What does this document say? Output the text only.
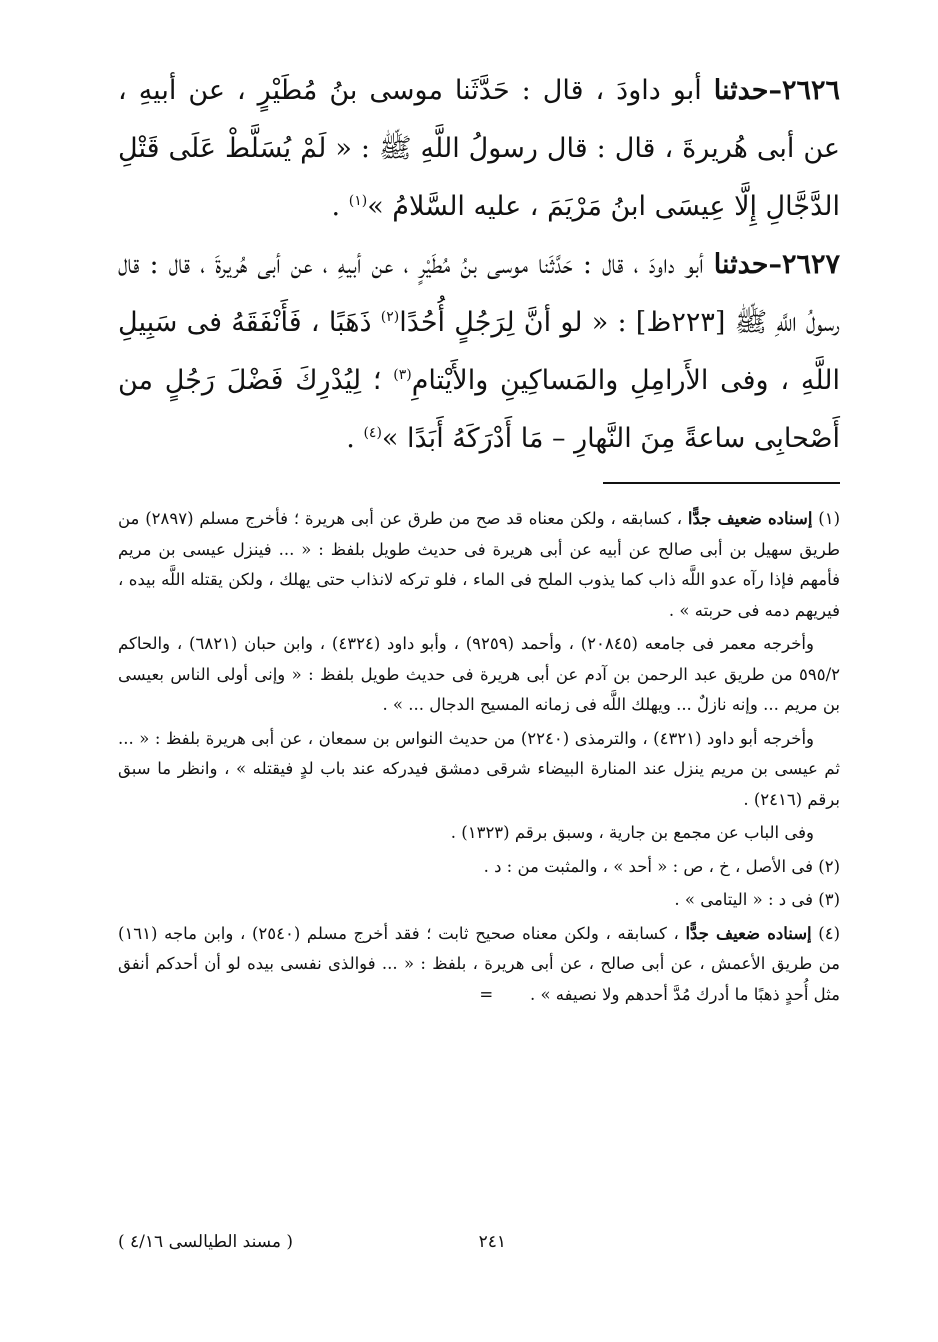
٢٦٢٦–حدثنا أبو داودَ ، قال : حَدَّثَنا موسى بنُ مُطَيْرٍ ، عن أبيهِ ، عن أبى هُريرةَ ، قال : قال رسولُ اللَّهِ ﷺ : « لَمْ يُسَلَّطْ عَلَى قَتْلِ الدَّجَّالِ إِلَّا عِيسَى ابنُ مَرْيَمَ ، عليه السَّلامُ »$^{(١)}$ .

٢٦٢٧–حدثنا أبو داودَ ، قال : حَدَّثَنا موسى بنُ مُطَيْرٍ ، عن أبيهِ ، عن أبى هُريرةَ ، قال : قال رسولُ اللَّهِ ﷺ [٢٢٣ظ] : « لو أنَّ لِرَجُلٍ أُحُدًا$^{(٢)}$ ذَهَبًا ، فَأَنْفَقَهُ فى سَبِيلِ اللَّهِ ، وفى الأَرامِلِ والمَساكِينِ والأَيْتامِ$^{(٣)}$ ؛ لِيُدْرِكَ فَضْلَ رَجُلٍ من أَصْحابِى ساعةً مِنَ النَّهارِ – مَا أَدْرَكَهُ أَبَدًا »$^{(٤)}$ .

(١) إسناده ضعيف جدًّا ، كسابقه ، ولكن معناه قد صح من طرق عن أبى هريرة ؛ فأخرج مسلم (٢٨٩٧) من طريق سهيل بن أبى صالح عن أبيه عن أبى هريرة فى حديث طويل بلفظ : « ... فينزل عيسى بن مريم فأمهم فإذا رآه عدو اللَّه ذاب كما يذوب الملح فى الماء ، فلو تركه لانذاب حتى يهلك ، ولكن يقتله اللَّه بيده ، فيريهم دمه فى حربته » .

وأخرجه معمر فى جامعه (٢٠٨٤٥) ، وأحمد (٩٢٥٩) ، وأبو داود (٤٣٢٤) ، وابن حبان (٦٨٢١) ، والحاكم ٥٩٥/٢ من طريق عبد الرحمن بن آدم عن أبى هريرة فى حديث طويل بلفظ : « وإنى أولى الناس بعيسى بن مريم ... وإنه نازلٌ ... ويهلك اللَّه فى زمانه المسيح الدجال ... » .

وأخرجه أبو داود (٤٣٢١) ، والترمذى (٢٢٤٠) من حديث النواس بن سمعان ، عن أبى هريرة بلفظ : « ... ثم عيسى بن مريم ينزل عند المنارة البيضاء شرقى دمشق فيدركه عند باب لدٍ فيقتله » ، وانظر ما سبق برقم (٢٤١٦) .

وفى الباب عن مجمع بن جارية ، وسبق برقم (١٣٢٣) .

(٢) فى الأصل ، خ ، ص : « أحد » ، والمثبت من : د .

(٣) فى د : « اليتامى » .

(٤) إسناده ضعيف جدًّا ، كسابقه ، ولكن معناه صحيح ثابت ؛ فقد أخرج مسلم (٢٥٤٠) ، وابن ماجه (١٦١) من طريق الأعمش ، عن أبى صالح ، عن أبى هريرة ، بلفظ : « ... فوالذى نفسى بيده لو أن أحدكم أنفق مثل أُحدٍ ذهبًا ما أدرك مُدَّ أحدهم ولا نصيفه » .       =

٢٤١
( مسند الطيالسى ٤/١٦ )
